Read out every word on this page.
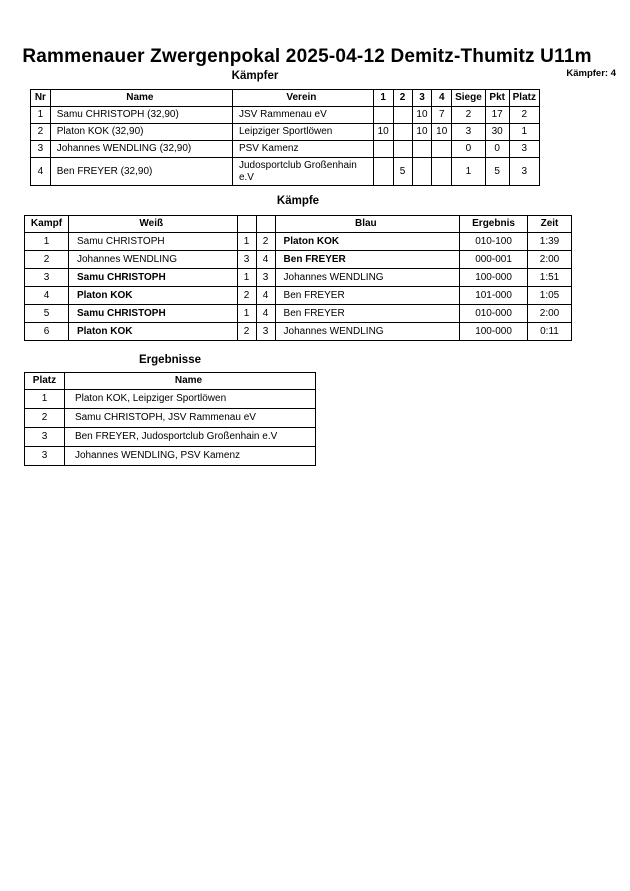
Rammenauer Zwergenpokal 2025-04-12 Demitz-Thumitz U11m
Kämpfer	Kämpfer: 4
Nr	Name	Verein	1	2	3	4	Siege	Pkt	Platz
1	Samu CHRISTOPH (32,90)	JSV Rammenau eV			10	7	2	17	2
2	Platon KOK (32,90)	Leipziger Sportlöwen	10		10	10	3	30	1
3	Johannes WENDLING (32,90)	PSV Kamenz					0	0	3
4	Ben FREYER (32,90)	Judosportclub Großenhain e.V		5			1	5	3
Kämpfe
Kampf	Weiß			Blau	Ergebnis	Zeit
1	Samu CHRISTOPH	1	2	Platon KOK	010-100	1:39
2	Johannes WENDLING	3	4	Ben FREYER	000-001	2:00
3	Samu CHRISTOPH	1	3	Johannes WENDLING	100-000	1:51
4	Platon KOK	2	4	Ben FREYER	101-000	1:05
5	Samu CHRISTOPH	1	4	Ben FREYER	010-000	2:00
6	Platon KOK	2	3	Johannes WENDLING	100-000	0:11
Ergebnisse
Platz	Name
1	Platon KOK, Leipziger Sportlöwen
2	Samu CHRISTOPH, JSV Rammenau eV
3	Ben FREYER, Judosportclub Großenhain e.V
3	Johannes WENDLING, PSV Kamenz
